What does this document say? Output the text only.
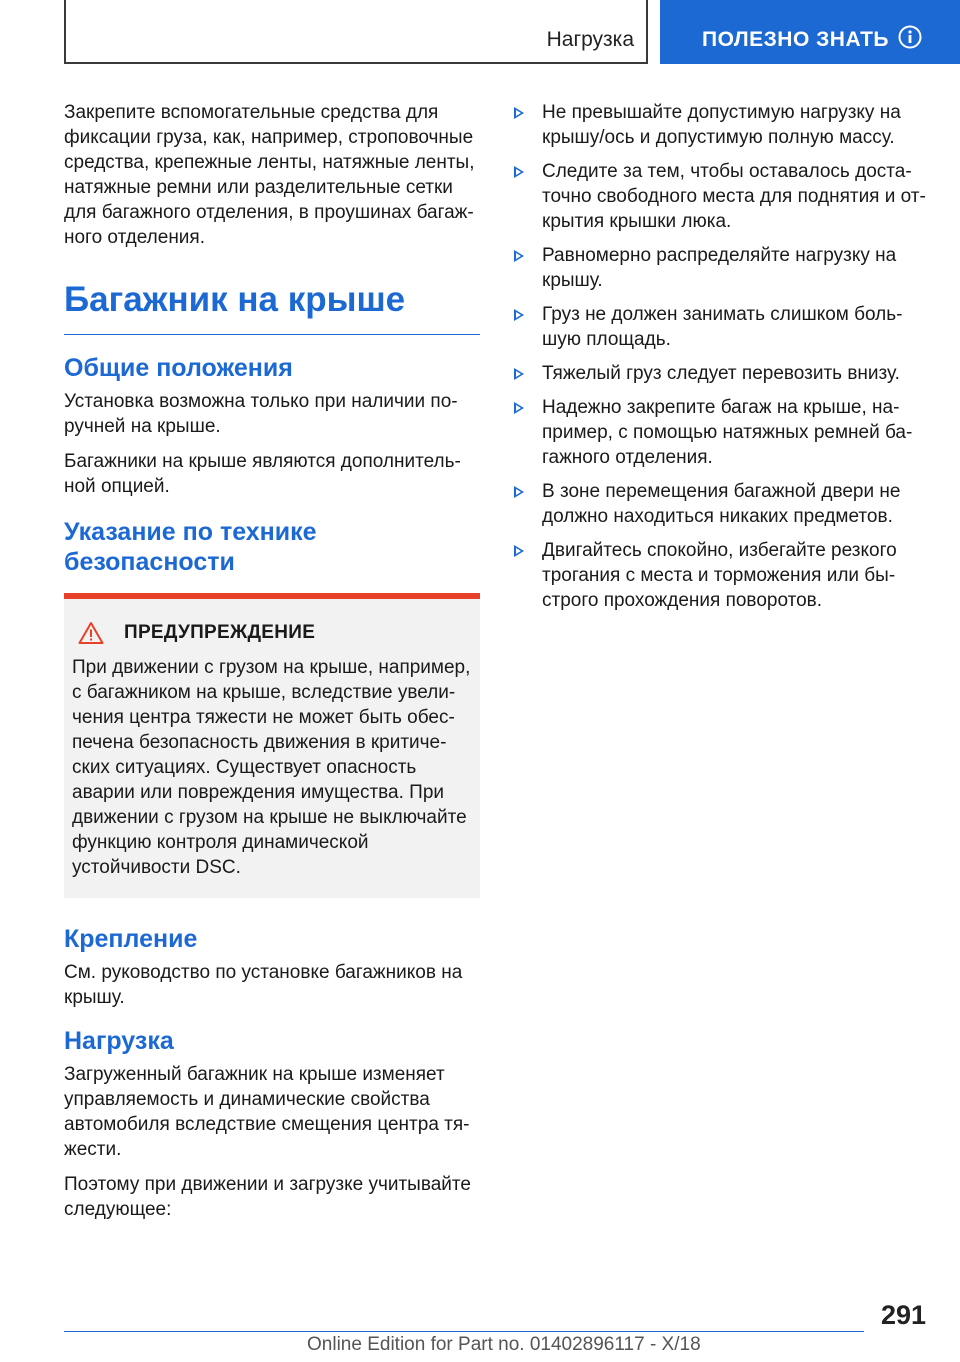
Нагрузка	ПОЛЕЗНО ЗНАТЬ

Закрепите вспомогательные средства для фиксации груза, как, например, строповочные средства, крепежные ленты, натяжные ленты, натяжные ремни или разделительные сетки для багажного отделения, в проушинах багажного отделения.

Багажник на крыше
Общие положения

Установка возможна только при наличии поручней на крыше.

Багажники на крыше являются дополнительной опцией.

Указание по технике безопасности
ПРЕДУПРЕЖДЕНИЕ

При движении с грузом на крыше, например, с багажником на крыше, вследствие увеличения центра тяжести не может быть обеспечена безопасность движения в критических ситуациях. Существует опасность аварии или повреждения имущества. При движении с грузом на крыше не выключайте функцию контроля динамической устойчивости DSC.

Крепление

См. руководство по установке багажников на крышу.

Нагрузка

Загруженный багажник на крыше изменяет управляемость и динамические свойства автомобиля вследствие смещения центра тяжести.

Поэтому при движении и загрузке учитывайте следующее:

Не превышайте допустимую нагрузку на крышу/ось и допустимую полную массу.
Следите за тем, чтобы оставалось достаточно свободного места для поднятия и открытия крышки люка.
Равномерно распределяйте нагрузку на крышу.
Груз не должен занимать слишком большую площадь.
Тяжелый груз следует перевозить внизу.
Надежно закрепите багаж на крыше, например, с помощью натяжных ремней багажного отделения.
В зоне перемещения багажной двери не должно находиться никаких предметов.
Двигайтесь спокойно, избегайте резкого трогания с места и торможения или быстрого прохождения поворотов.
291
Online Edition for Part no. 01402896117 - X/18
